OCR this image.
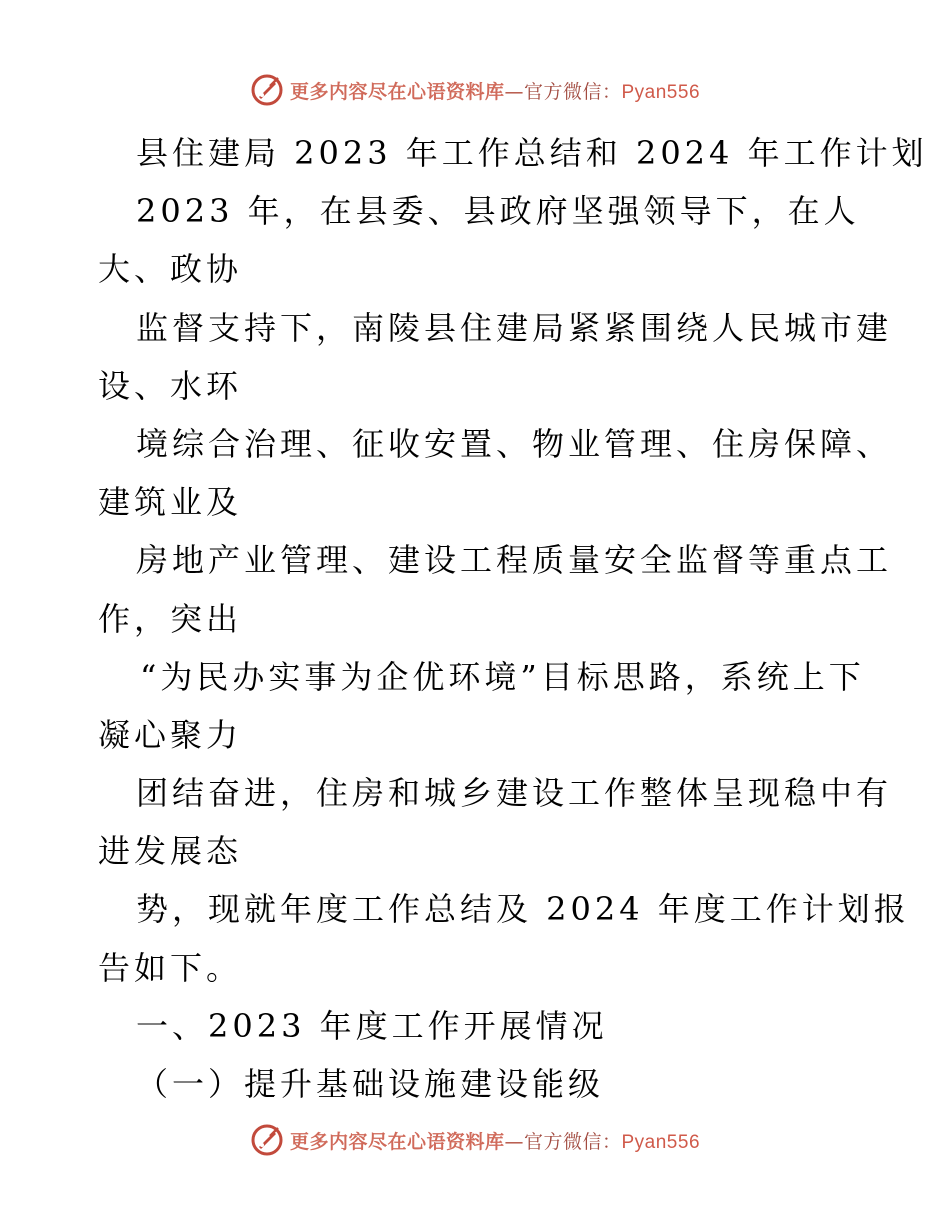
更多内容尽在心语资料库—官方微信：Pyan556
县住建局 2023 年工作总结和 2024 年工作计划
2023 年，在县委、县政府坚强领导下，在人
大、政协
监督支持下，南陵县住建局紧紧围绕人民城市建
设、水环
境综合治理、征收安置、物业管理、住房保障、
建筑业及
房地产业管理、建设工程质量安全监督等重点工
作，突出
“为民办实事为企优环境”目标思路，系统上下
凝心聚力
团结奋进，住房和城乡建设工作整体呈现稳中有
进发展态
势，现就年度工作总结及 2024 年度工作计划报
告如下。
一、2023 年度工作开展情况
（一）提升基础设施建设能级
更多内容尽在心语资料库—官方微信：Pyan556
